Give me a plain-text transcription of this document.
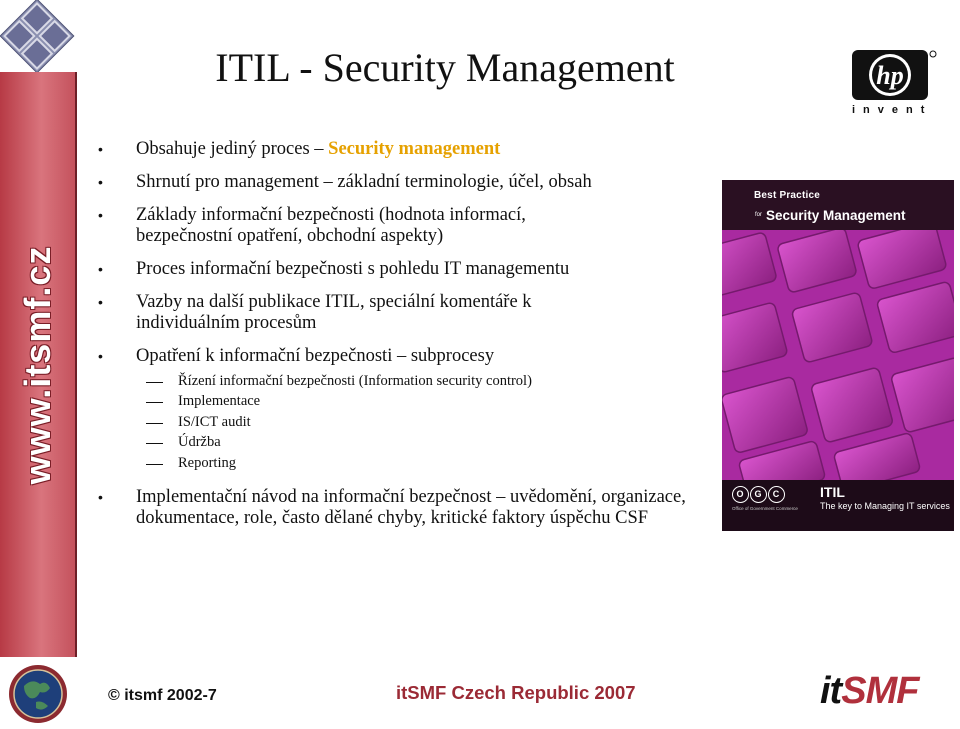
www.itsmf.cz
ITIL - Security Management	hp
invent
• Obsahuje jediný proces – Security management
• Shrnutí pro management – základní terminologie, účel, obsah
• Základy informační bezpečnosti (hodnota informací, bezpečnostní opatření, obchodní aspekty)
• Proces informační bezpečnosti s pohledu IT managementu
• Vazby na další publikace ITIL, speciální komentáře k individuálním procesům
• Opatření k informační bezpečnosti – subprocesy
Řízení informační bezpečnosti (Information security control)
Implementace
IS/ICT audit
Údržba
Reporting
• Implementační návod na informační bezpečnost – uvědomění, organizace, dokumentace, role, často dělané chyby, kritické faktory úspěchu CSF
Best Practice
for Security Management
O G C
Office of Government Commerce
ITIL
The key to Managing IT services
© itsmf 2002-7	itSMF Czech Republic 2007	itSMF
